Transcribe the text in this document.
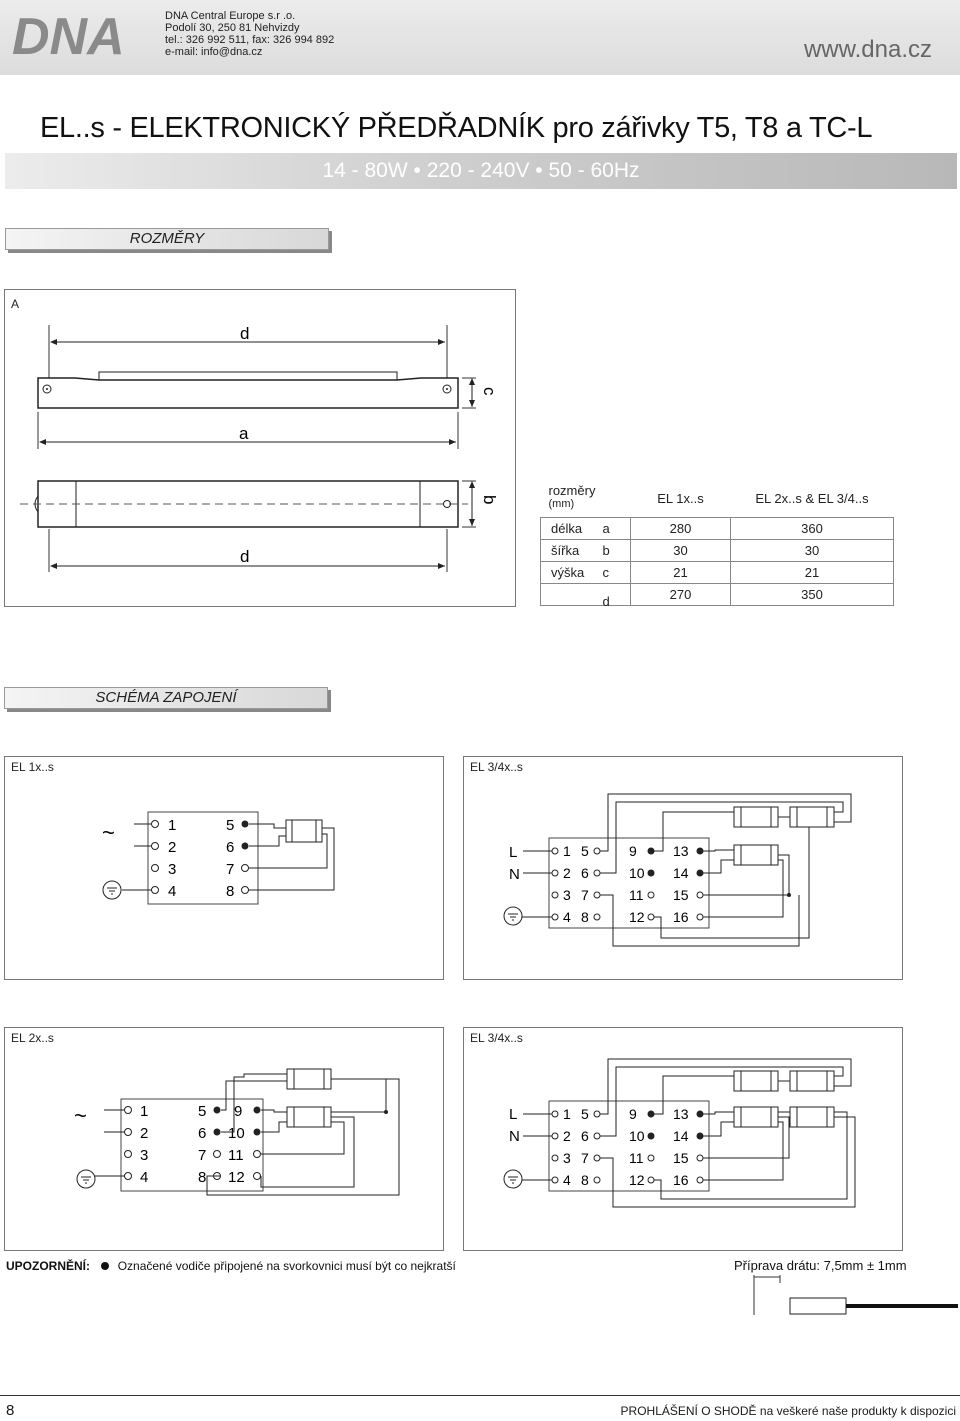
DNA	DNA Central Europe s.r .o.
Podolí 30, 250 81 Nehvizdy
tel.: 326 992 511, fax: 326 994 892
e-mail: info@dna.cz	www.dna.cz
EL..s - ELEKTRONICKÝ PŘEDŘADNÍK pro zářivky T5, T8 a TC-L
14 - 80W • 220 - 240V • 50 - 60Hz
ROZMĚRY
A
d
c
a
b
d
rozměry
(mm)	EL 1x..s	EL 2x..s & EL 3/4..s
délka a	280	360
šířka b	30	30
výška c	21	21

d	270	350
SCHÉMA ZAPOJENÍ
EL 1x..s	EL 3/4x..s
EL 2x..s	EL 3/4x..s
~	1
2
3
4
5
6
7
8
L
N
1
2
3
4
5
6
7
8
9
10
11
12
13
14
15
16
~	1
2
3
4
5
6
7
8
9
10
11
12
L
N
1
2
3
4
5
6
7
8
9
10
11
12
13
14
15
16
UPOZORNĚNÍ: Označené vodiče připojené na svorkovnici musí být co nejkratší	Příprava drátu: 7,5mm ± 1mm
8	PROHLÁŠENÍ O SHODĚ na veškeré naše produkty k dispozici
